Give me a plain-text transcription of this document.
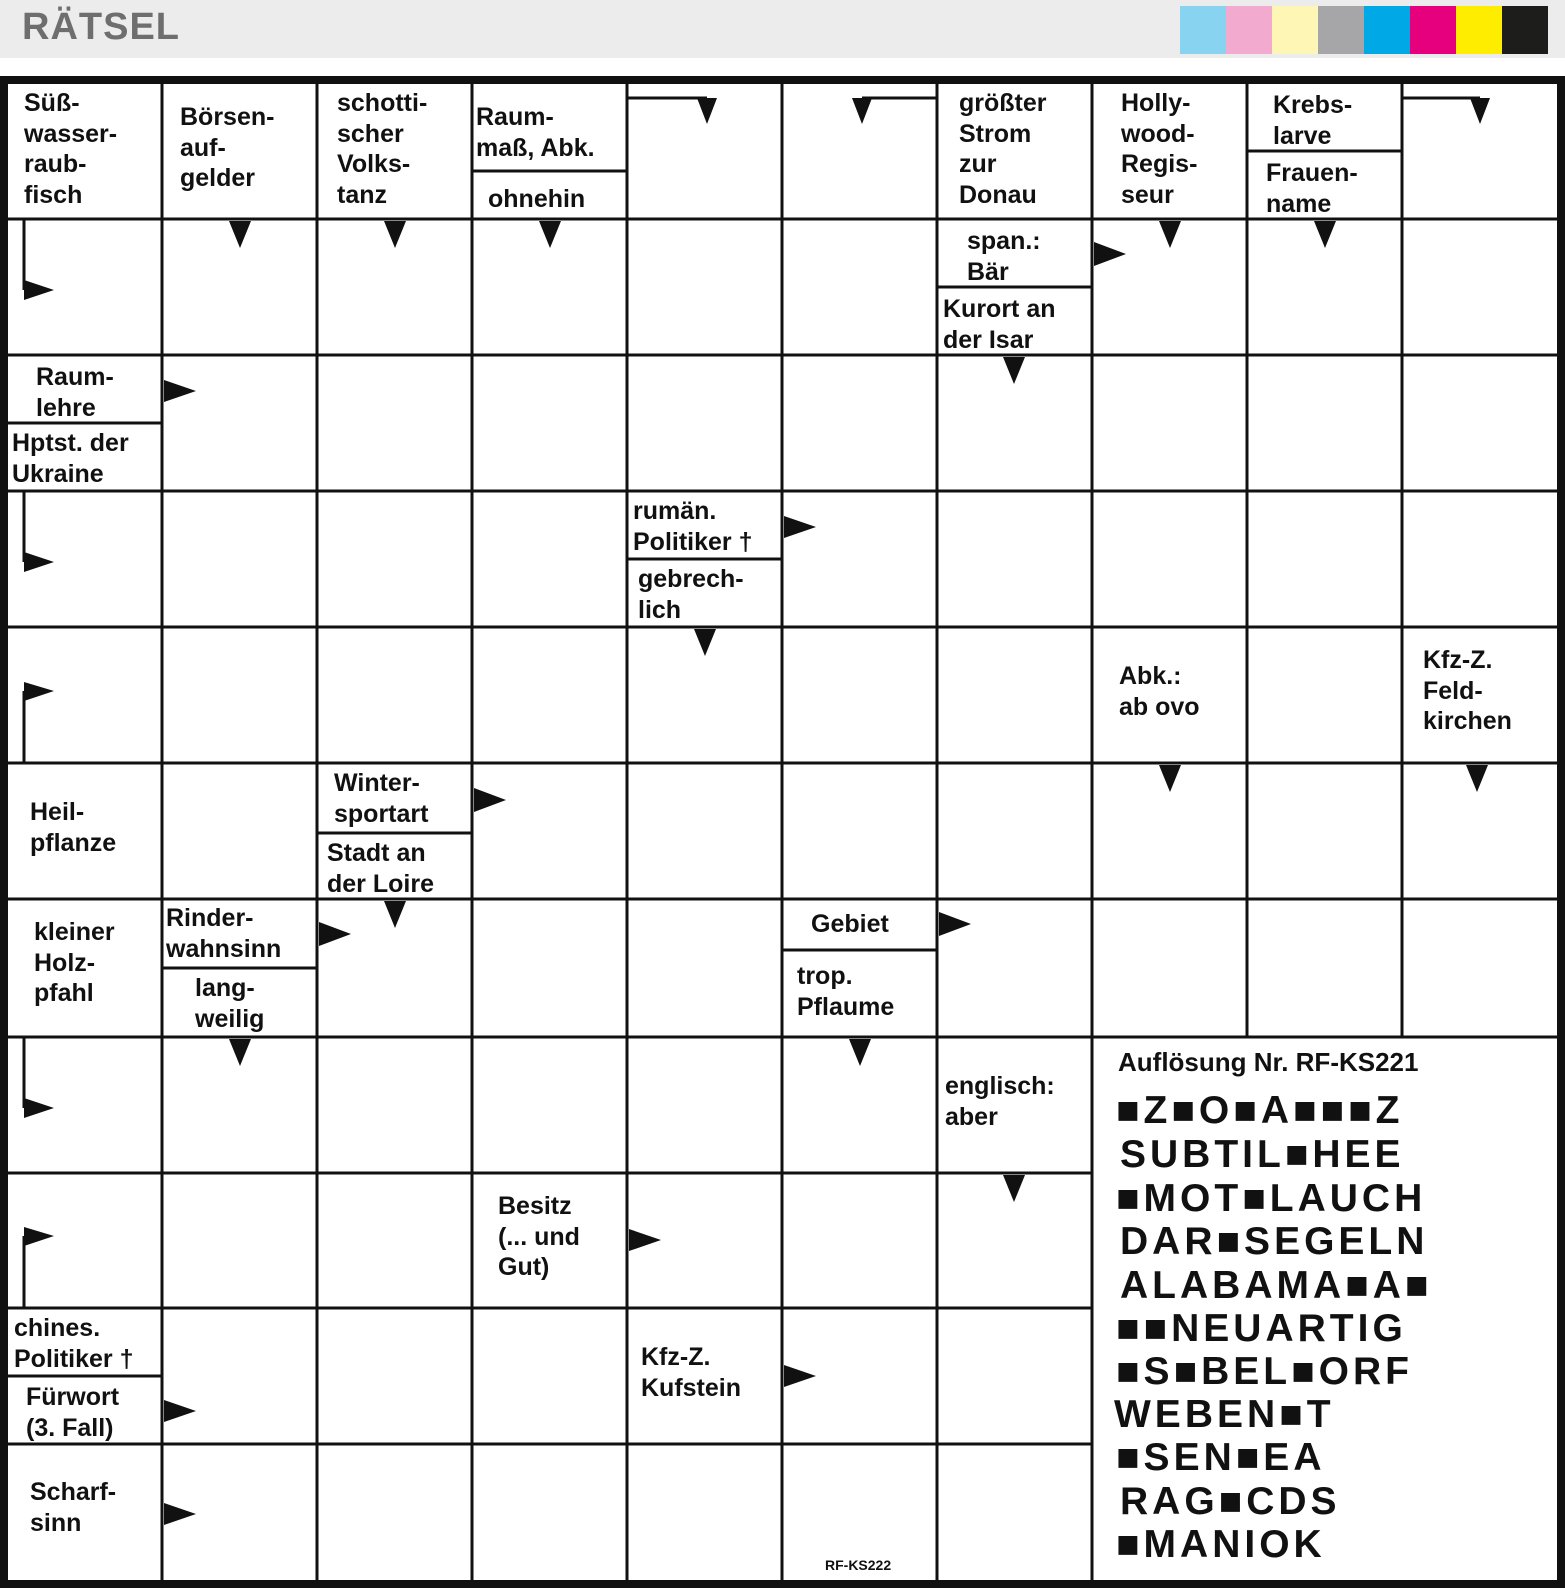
RÄTSEL
Süß-
wasser-
raub-
fisch
Börsen-
auf-
gelder
schotti-
scher
Volks-
tanz
Raum-
maß, Abk.
ohnehin
größter
Strom
zur
Donau
Holly-
wood-
Regis-
seur
Krebs-
larve
Frauen-
name
span.:
Bär
Kurort an
der Isar
Raum-
lehre
Hptst. der
Ukraine
rumän.
Politiker †
gebrech-
lich
Abk.:
ab ovo
Kfz-Z.
Feld-
kirchen
Heil-
pflanze
Winter-
sportart
Stadt an
der Loire
kleiner
Holz-
pfahl
Rinder-
wahnsinn
lang-
weilig
Gebiet
trop.
Pflaume
englisch:
aber
Besitz
(... und
Gut)
chines.
Politiker †
Fürwort
(3. Fall)
Kfz-Z.
Kufstein
Scharf-
sinn
Auflösung Nr. RF-KS221
■Z■O■A■■■Z
SUBTIL■HEE
■MOT■LAUCH
DAR■SEGELN
ALABAMA■A■
■■NEUARTIG
■S■BEL■ORF
WEBEN■T
■SEN■EA
RAG■CDS
■MANIOK
RF-KS222
